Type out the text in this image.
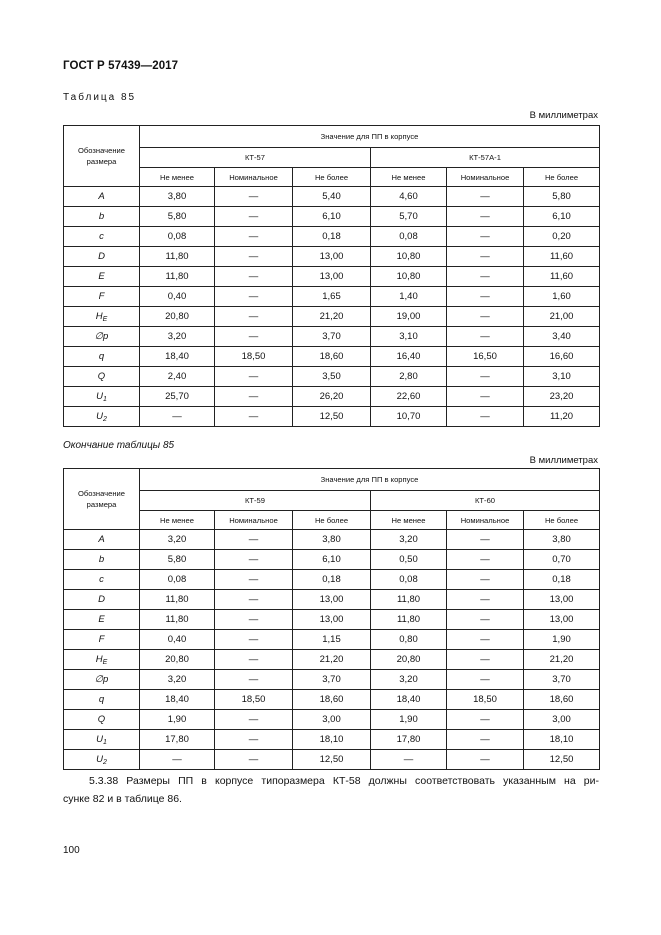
ГОСТ Р 57439—2017
Таблица 85
В миллиметрах
Обозначение размера	Значение для ПП в корпусе					
	КТ-57			КТ-57А-1		
	Не менее	Номинальное	Не более	Не менее	Номинальное	Не более
A	3,80	—	5,40	4,60	—	5,80
b	5,80	—	6,10	5,70	—	6,10
c	0,08	—	0,18	0,08	—	0,20
D	11,80	—	13,00	10,80	—	11,60
E	11,80	—	13,00	10,80	—	11,60
F	0,40	—	1,65	1,40	—	1,60
$H_E$	20,80	—	21,20	19,00	—	21,00
∅p	3,20	—	3,70	3,10	—	3,40
q	18,40	18,50	18,60	16,40	16,50	16,60
Q	2,40	—	3,50	2,80	—	3,10
$U_1$	25,70	—	26,20	22,60	—	23,20
$U_2$	—	—	12,50	10,70	—	11,20
Окончание таблицы 85
В миллиметрах
Обозначение размера	Значение для ПП в корпусе					
	КТ-59			КТ-60		
	Не менее	Номинальное	Не более	Не менее	Номинальное	Не более
A	3,20	—	3,80	3,20	—	3,80
b	5,80	—	6,10	0,50	—	0,70
c	0,08	—	0,18	0,08	—	0,18
D	11,80	—	13,00	11,80	—	13,00
E	11,80	—	13,00	11,80	—	13,00
F	0,40	—	1,15	0,80	—	1,90
$H_E$	20,80	—	21,20	20,80	—	21,20
∅p	3,20	—	3,70	3,20	—	3,70
q	18,40	18,50	18,60	18,40	18,50	18,60
Q	1,90	—	3,00	1,90	—	3,00
$U_1$	17,80	—	18,10	17,80	—	18,10
$U_2$	—	—	12,50	—	—	12,50
5.3.38 Размеры ПП в корпусе типоразмера КТ-58 должны соответствовать указанным на ри-
сунке 82 и в таблице 86.
100
